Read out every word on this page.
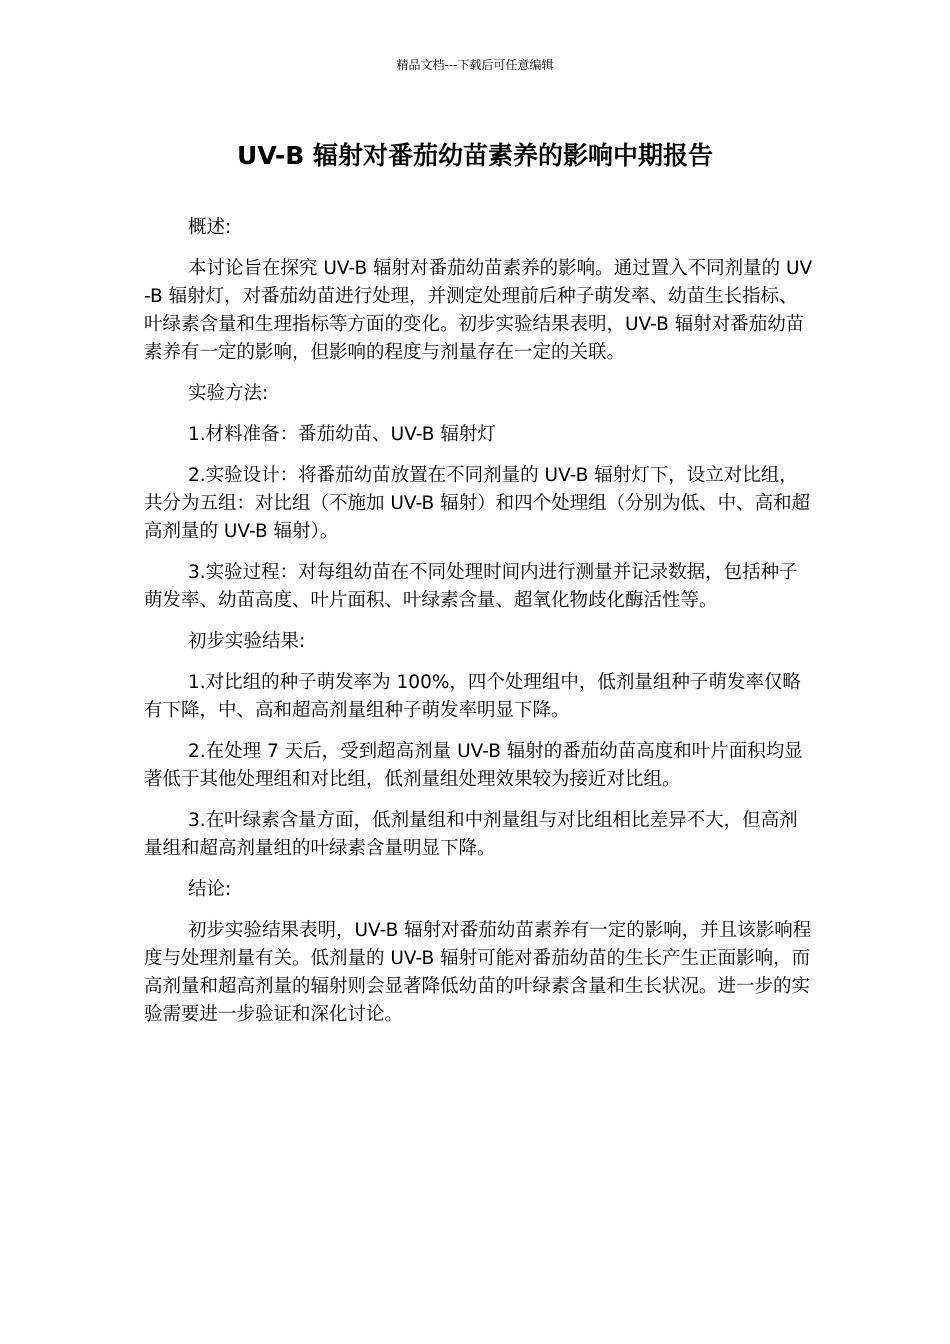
精品文档---下载后可任意编辑
UV-B 辐射对番茄幼苗素养的影响中期报告

概述:

本讨论旨在探究 UV-B 辐射对番茄幼苗素养的影响。通过置入不同剂量的 UV-B 辐射灯，对番茄幼苗进行处理，并测定处理前后种子萌发率、幼苗生长指标、叶绿素含量和生理指标等方面的变化。初步实验结果表明，UV-B 辐射对番茄幼苗素养有一定的影响，但影响的程度与剂量存在一定的关联。

实验方法:

1.材料准备：番茄幼苗、UV-B 辐射灯

2.实验设计：将番茄幼苗放置在不同剂量的 UV-B 辐射灯下，设立对比组，共分为五组：对比组（不施加 UV-B 辐射）和四个处理组（分别为低、中、高和超高剂量的 UV-B 辐射）。

3.实验过程：对每组幼苗在不同处理时间内进行测量并记录数据，包括种子萌发率、幼苗高度、叶片面积、叶绿素含量、超氧化物歧化酶活性等。

初步实验结果:

1.对比组的种子萌发率为 100%，四个处理组中，低剂量组种子萌发率仅略有下降，中、高和超高剂量组种子萌发率明显下降。

2.在处理 7 天后，受到超高剂量 UV-B 辐射的番茄幼苗高度和叶片面积均显著低于其他处理组和对比组，低剂量组处理效果较为接近对比组。

3.在叶绿素含量方面，低剂量组和中剂量组与对比组相比差异不大，但高剂量组和超高剂量组的叶绿素含量明显下降。

结论:

初步实验结果表明，UV-B 辐射对番茄幼苗素养有一定的影响，并且该影响程度与处理剂量有关。低剂量的 UV-B 辐射可能对番茄幼苗的生长产生正面影响，而高剂量和超高剂量的辐射则会显著降低幼苗的叶绿素含量和生长状况。进一步的实验需要进一步验证和深化讨论。
